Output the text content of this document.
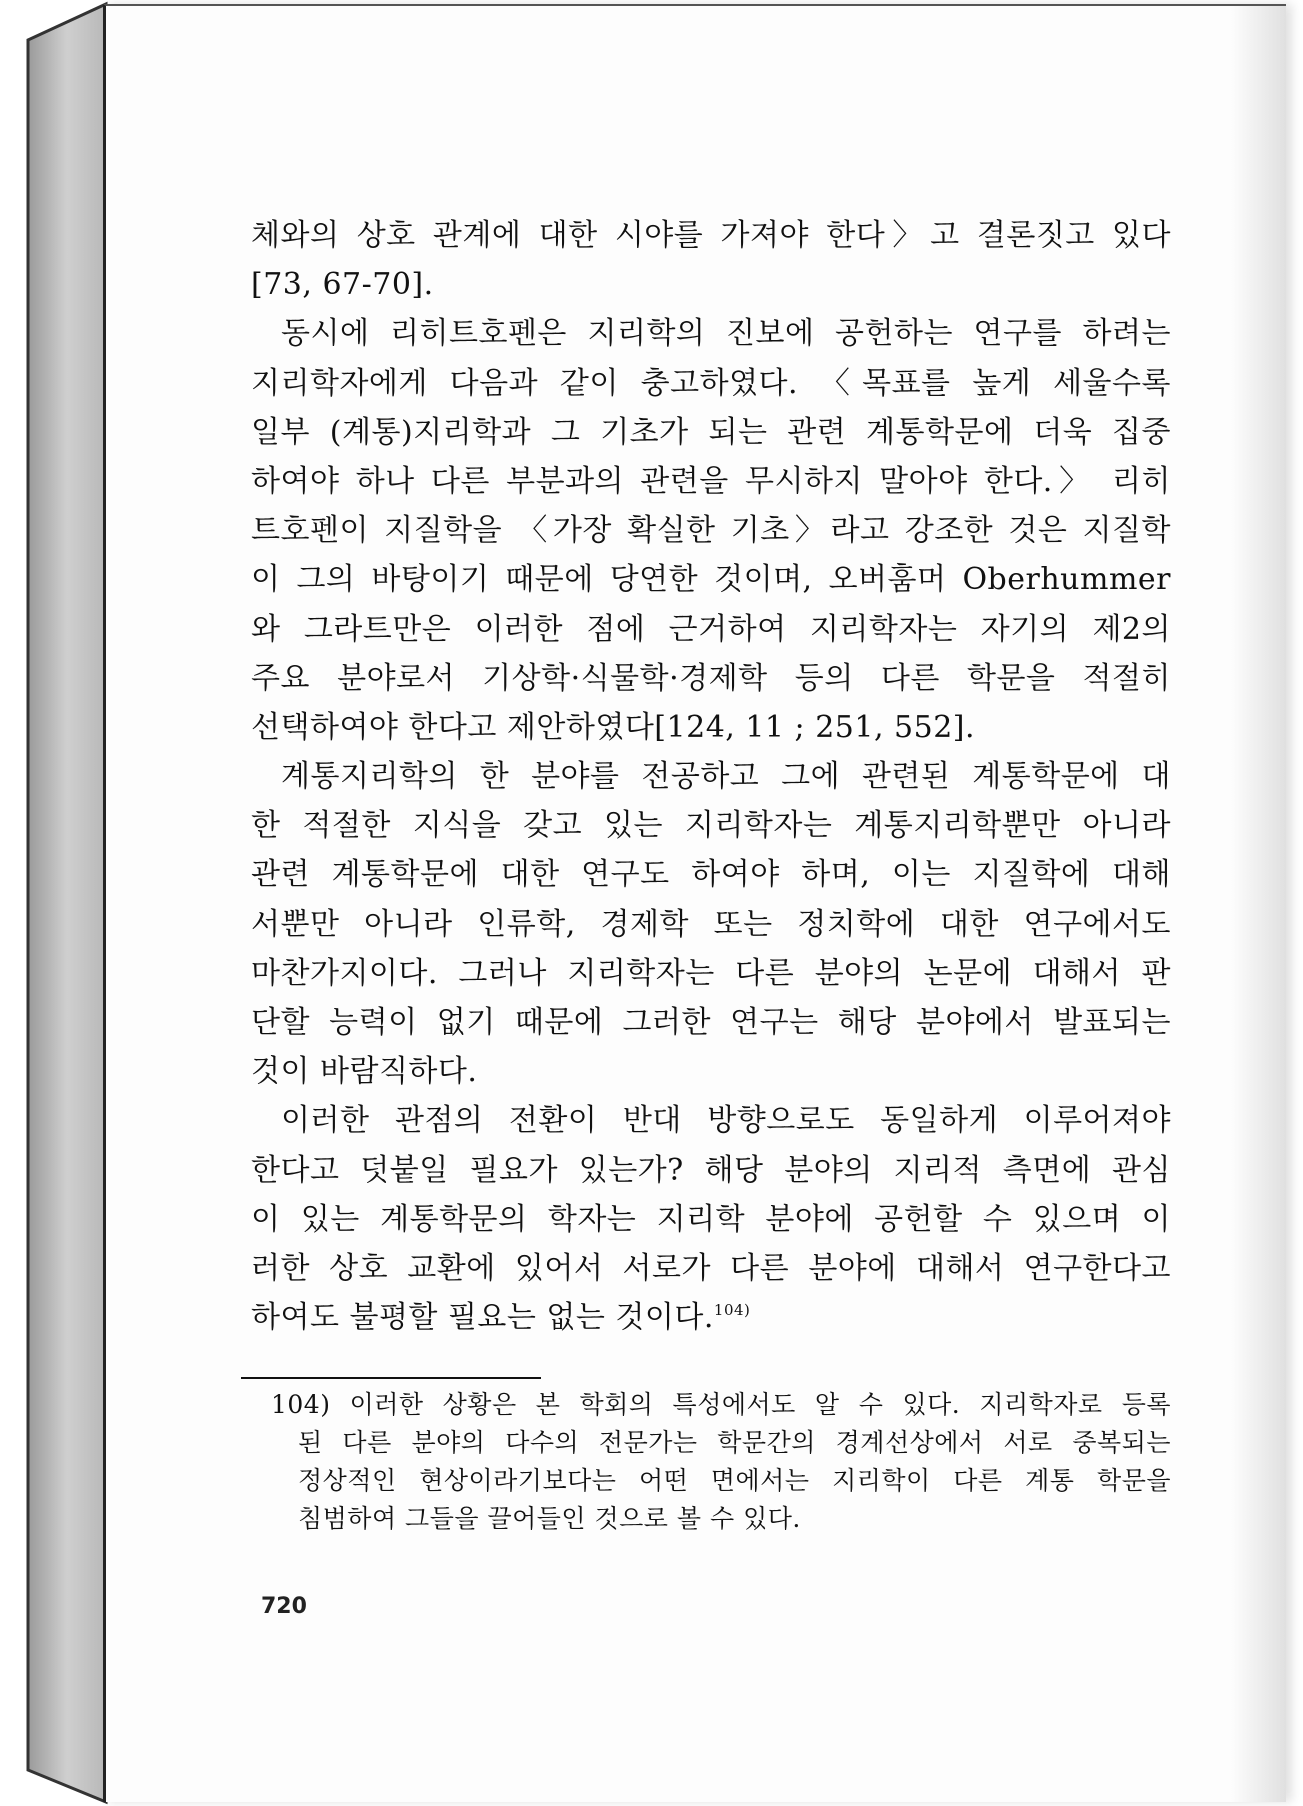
체와의 상호 관계에 대한 시야를 가져야 한다〉고 결론짓고 있다
[73, 67-70].
동시에 리히트호펜은 지리학의 진보에 공헌하는 연구를 하려는
지리학자에게 다음과 같이 충고하였다. 〈목표를 높게 세울수록
일부 (계통)지리학과 그 기초가 되는 관련 계통학문에 더욱 집중
하여야 하나 다른 부분과의 관련을 무시하지 말아야 한다.〉 리히
트호펜이 지질학을 〈가장 확실한 기초〉라고 강조한 것은 지질학
이 그의 바탕이기 때문에 당연한 것이며, 오버훔머 Oberhummer
와 그라트만은 이러한 점에 근거하여 지리학자는 자기의 제2의
주요 분야로서 기상학·식물학·경제학 등의 다른 학문을 적절히
선택하여야 한다고 제안하였다[124, 11 ; 251, 552].
계통지리학의 한 분야를 전공하고 그에 관련된 계통학문에 대
한 적절한 지식을 갖고 있는 지리학자는 계통지리학뿐만 아니라
관련 계통학문에 대한 연구도 하여야 하며, 이는 지질학에 대해
서뿐만 아니라 인류학, 경제학 또는 정치학에 대한 연구에서도
마찬가지이다. 그러나 지리학자는 다른 분야의 논문에 대해서 판
단할 능력이 없기 때문에 그러한 연구는 해당 분야에서 발표되는
것이 바람직하다.
이러한 관점의 전환이 반대 방향으로도 동일하게 이루어져야
한다고 덧붙일 필요가 있는가? 해당 분야의 지리적 측면에 관심
이 있는 계통학문의 학자는 지리학 분야에 공헌할 수 있으며 이
러한 상호 교환에 있어서 서로가 다른 분야에 대해서 연구한다고
하여도 불평할 필요는 없는 것이다.$^{104)}$
104) 이러한 상황은 본 학회의 특성에서도 알 수 있다. 지리학자로 등록
된 다른 분야의 다수의 전문가는 학문간의 경계선상에서 서로 중복되는
정상적인 현상이라기보다는 어떤 면에서는 지리학이 다른 계통 학문을
침범하여 그들을 끌어들인 것으로 볼 수 있다.
720
